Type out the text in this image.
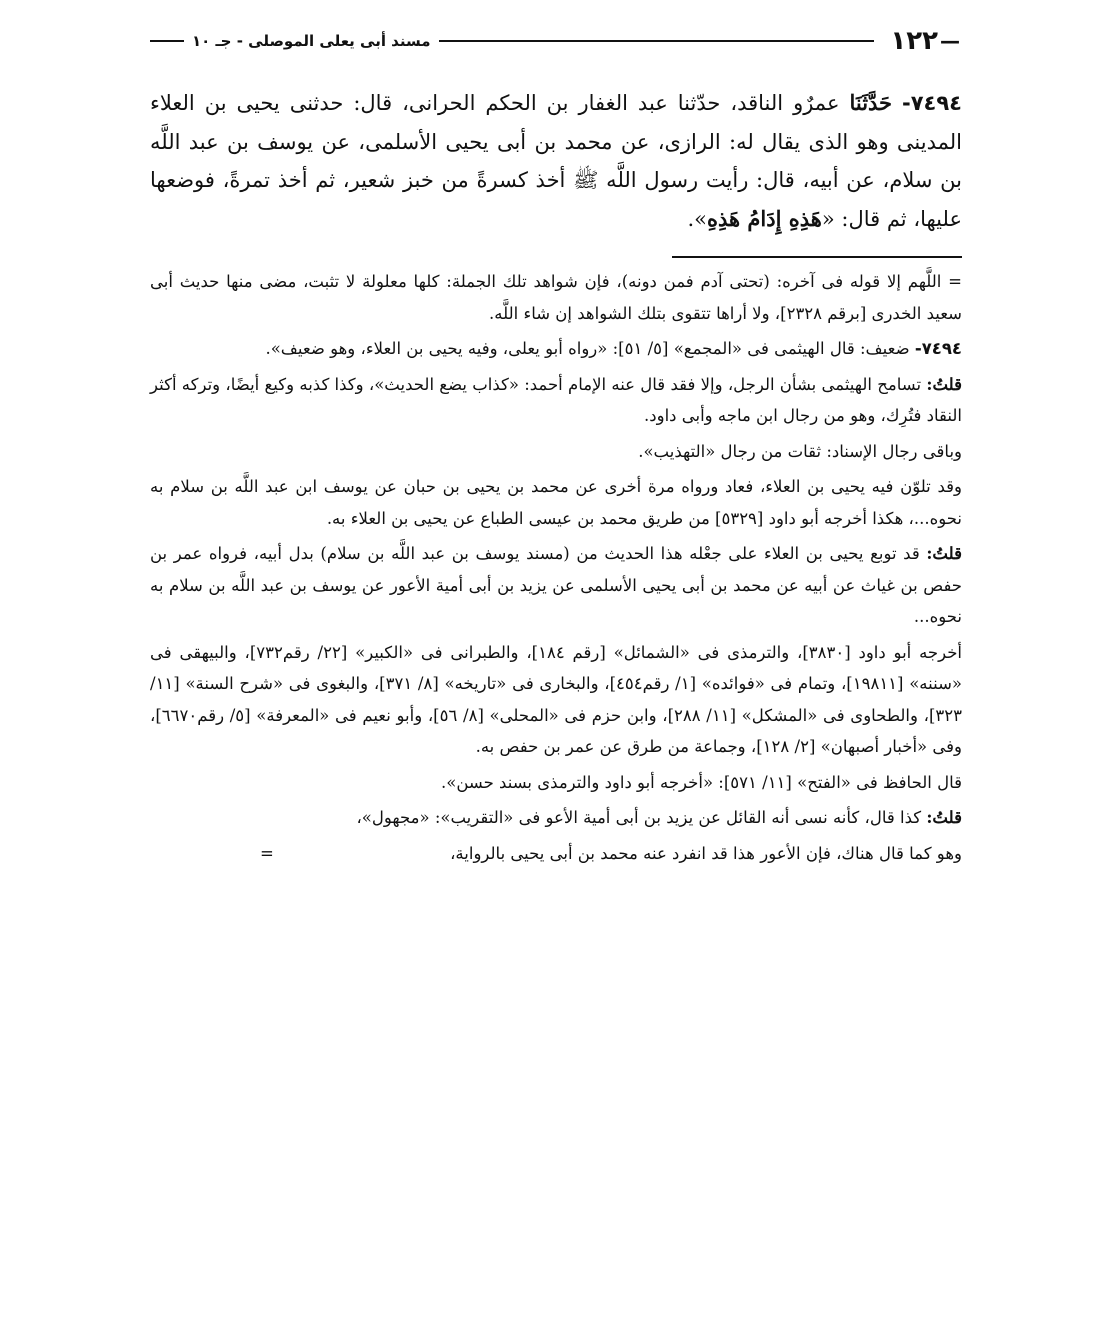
—
١٢٢
مسند أبى يعلى الموصلى - جـ ١٠
٧٤٩٤- حَدَّثَنَا عمرٌو الناقد، حدّثنا عبد الغفار بن الحكم الحرانى، قال: حدثنى يحيى بن العلاء المدينى وهو الذى يقال له: الرازى، عن محمد بن أبى يحيى الأسلمى، عن يوسف بن عبد اللَّه بن سلام، عن أبيه، قال: رأيت رسول اللَّه ﷺ أخذ كسرةً من خبز شعير، ثم أخذ تمرةً، فوضعها عليها، ثم قال: «هَذِهِ إِدَامُ هَذِهِ».

= اللَّهم إلا قوله فى آخره: (تحتى آدم فمن دونه)، فإن شواهد تلك الجملة: كلها معلولة لا تثبت، مضى منها حديث أبى سعيد الخدرى [برقم ٢٣٢٨]، ولا أراها تتقوى بتلك الشواهد إن شاء اللَّه.

٧٤٩٤- ضعيف: قال الهيثمى فى «المجمع» [٥/ ٥١]: «رواه أبو يعلى، وفيه يحيى بن العلاء، وهو ضعيف».

قلتُ: تسامح الهيثمى بشأن الرجل، وإلا فقد قال عنه الإمام أحمد: «كذاب يضع الحديث»، وكذا كذبه وكيع أيضًا، وتركه أكثر النقاد فتُرِك، وهو من رجال ابن ماجه وأبى داود.

وباقى رجال الإسناد: ثقات من رجال «التهذيب».

وقد تلوّن فيه يحيى بن العلاء، فعاد ورواه مرة أخرى عن محمد بن يحيى بن حبان عن يوسف ابن عبد اللَّه بن سلام به نحوه...، هكذا أخرجه أبو داود [٥٣٢٩] من طريق محمد بن عيسى الطباع عن يحيى بن العلاء به.

قلتُ: قد توبع يحيى بن العلاء على جعْله هذا الحديث من (مسند يوسف بن عبد اللَّه بن سلام) بدل أبيه، فرواه عمر بن حفص بن غياث عن أبيه عن محمد بن أبى يحيى الأسلمى عن يزيد بن أبى أمية الأعور عن يوسف بن عبد اللَّه بن سلام به نحوه...

أخرجه أبو داود [٣٨٣٠]، والترمذى فى «الشمائل» [رقم ١٨٤]، والطبرانى فى «الكبير» [٢٢/ رقم٧٣٢]، والبيهقى فى «سننه» [١٩٨١١]، وتمام فى «فوائده» [١/ رقم٤٥٤]، والبخارى فى «تاريخه» [٨/ ٣٧١]، والبغوى فى «شرح السنة» [١١/ ٣٢٣]، والطحاوى فى «المشكل» [١١/ ٢٨٨]، وابن حزم فى «المحلى» [٨/ ٥٦]، وأبو نعيم فى «المعرفة» [٥/ رقم٦٦٧٠]، وفى «أخبار أصبهان» [٢/ ١٢٨]، وجماعة من طرق عن عمر بن حفص به.

قال الحافظ فى «الفتح» [١١/ ٥٧١]: «أخرجه أبو داود والترمذى بسند حسن».

قلتُ: كذا قال، كأنه نسى أنه القائل عن يزيد بن أبى أمية الأعو فى «التقريب»: «مجهول»،

وهو كما قال هناك، فإن الأعور هذا قد انفرد عنه محمد بن أبى يحيى بالرواية،
=
